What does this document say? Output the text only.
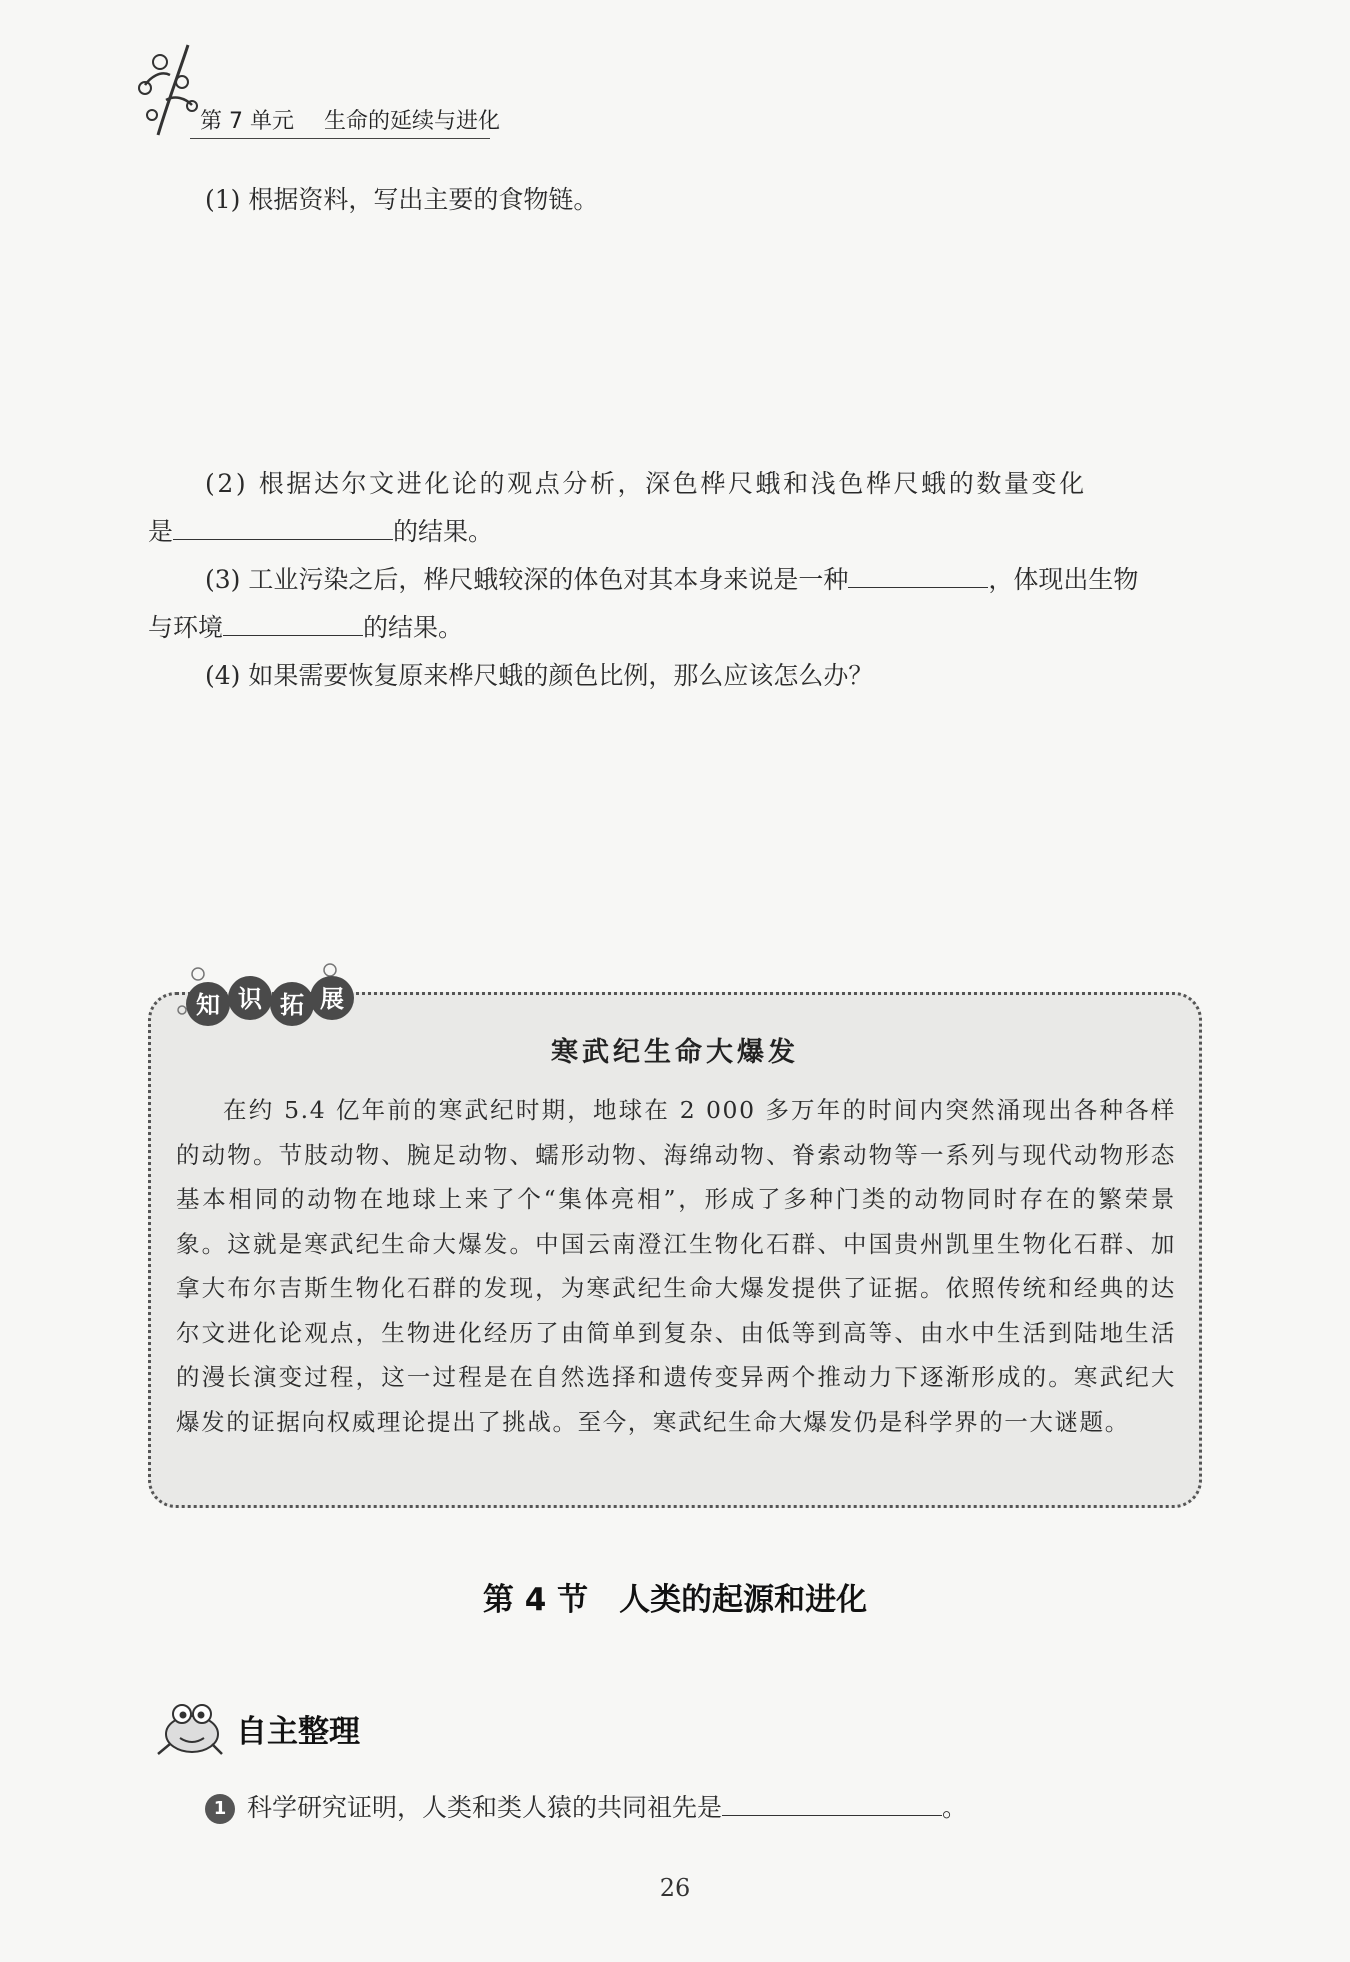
第 7 单元 生命的延续与进化
(1) 根据资料，写出主要的食物链。
(2) 根据达尔文进化论的观点分析，深色桦尺蛾和浅色桦尺蛾的数量变化
是	的结果。
(3) 工业污染之后，桦尺蛾较深的体色对其本身来说是一种	，体现出生物
与环境	的结果。
(4) 如果需要恢复原来桦尺蛾的颜色比例，那么应该怎么办？
知 识 拓 展
寒武纪生命大爆发

在约 5.4 亿年前的寒武纪时期，地球在 2 000 多万年的时间内突然涌现出各种各样的动物。节肢动物、腕足动物、蠕形动物、海绵动物、脊索动物等一系列与现代动物形态基本相同的动物在地球上来了个“集体亮相”，形成了多种门类的动物同时存在的繁荣景象。这就是寒武纪生命大爆发。中国云南澄江生物化石群、中国贵州凯里生物化石群、加拿大布尔吉斯生物化石群的发现，为寒武纪生命大爆发提供了证据。依照传统和经典的达尔文进化论观点，生物进化经历了由简单到复杂、由低等到高等、由水中生活到陆地生活的漫长演变过程，这一过程是在自然选择和遗传变异两个推动力下逐渐形成的。寒武纪大爆发的证据向权威理论提出了挑战。至今，寒武纪生命大爆发仍是科学界的一大谜题。

第 4 节　人类的起源和进化
自主整理
1 科学研究证明，人类和类人猿的共同祖先是	。
26
